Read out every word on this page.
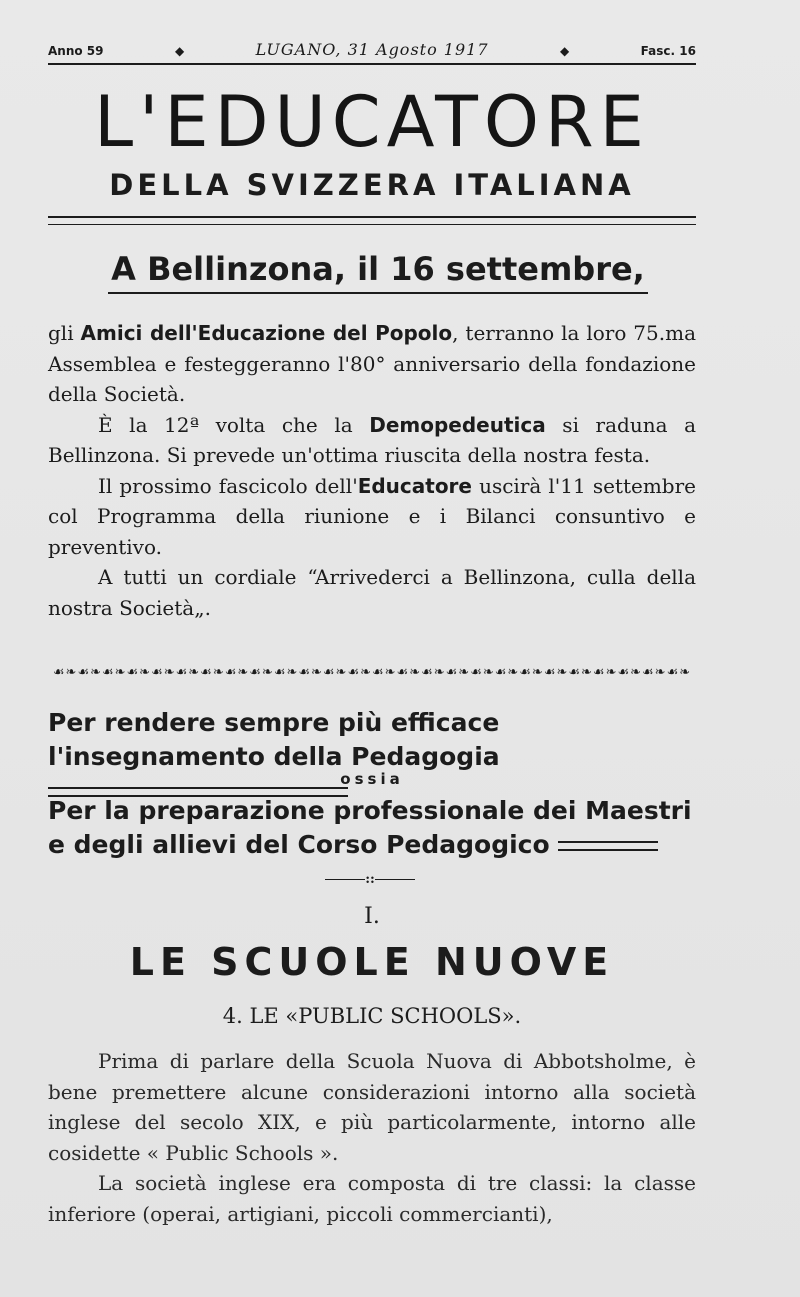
Anno 59	◆	LUGANO, 31 Agosto 1917	◆	Fasc. 16
L'EDUCATORE
DELLA SVIZZERA ITALIANA
A Bellinzona, il 16 settembre,

gli Amici dell'Educazione del Popolo, terranno la loro 75.ma Assemblea e festeggeranno l'80° anniversario della fondazione della Società.

È la 12ª volta che la Demopedeutica si raduna a Bellinzona. Si prevede un'ottima riuscita della nostra festa.

Il prossimo fascicolo dell'Educatore uscirà l'11 settembre col Programma della riunione e i Bilanci consuntivo e preventivo.

A tutti un cordiale “Arrivederci a Bellinzona, culla della nostra Società„.

☙❧☙❧☙❧☙❧☙❧☙❧☙❧☙❧☙❧☙❧☙❧☙❧☙❧☙❧☙❧☙❧☙❧☙❧☙❧☙❧☙❧☙❧☙❧☙❧☙❧☙❧
Per rendere sempre più efficace l'insegnamento della Pedagogia
ossia
Per la preparazione professionale dei Maestri e degli allievi del Corso Pedagogico
::
I.
LE SCUOLE NUOVE
4. LE «PUBLIC SCHOOLS».

Prima di parlare della Scuola Nuova di Abbotsholme, è bene premettere alcune considerazioni intorno alla società inglese del secolo XIX, e più particolarmente, intorno alle cosidette « Public Schools ».

La società inglese era composta di tre classi: la classe inferiore (operai, artigiani, piccoli commercianti),
